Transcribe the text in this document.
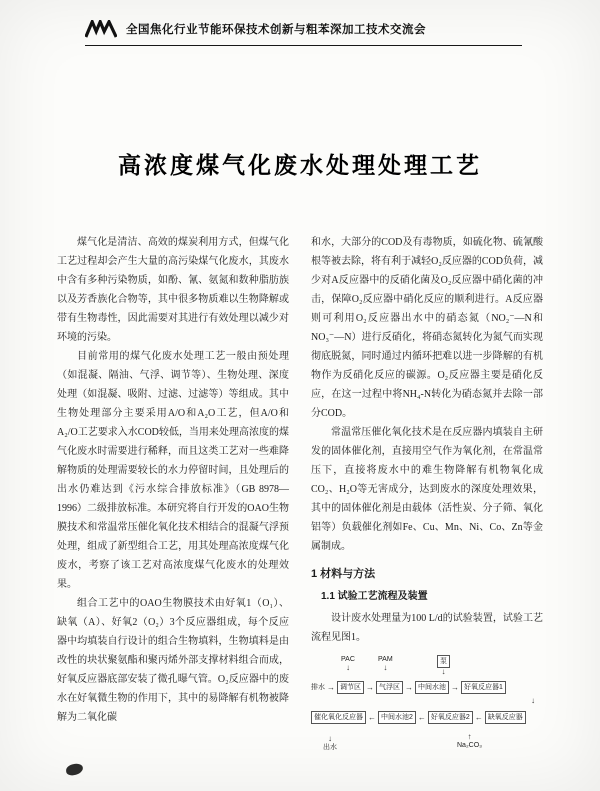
全国焦化行业节能环保技术创新与粗苯深加工技术交流会
高浓度煤气化废水处理处理工艺

煤气化是清洁、高效的煤炭利用方式，但煤气化工艺过程却会产生大量的高污染煤气化废水，其废水中含有多种污染物质，如酚、氰、氨氮和数种脂肪族以及芳香族化合物等，其中很多物质难以生物降解或带有生物毒性，因此需要对其进行有效处理以减少对环境的污染。

目前常用的煤气化废水处理工艺一般由预处理（如混凝、隔油、气浮、调节等）、生物处理、深度处理（如混凝、吸附、过滤、过滤等）等组成。其中生物处理部分主要采用A/O和A₂O工艺，但A/O和A₂/O工艺要求入水COD较低，当用来处理高浓度的煤气化废水时需要进行稀释，而且这类工艺对一些难降解物质的处理需要较长的水力停留时间，且处理后的出水仍难达到《污水综合排放标准》（GB 8978—1996）二级排放标准。本研究将自行开发的OAO生物膜技术和常温常压催化氧化技术相结合的混凝气浮预处理，组成了新型组合工艺，用其处理高浓度煤气化废水，考察了该工艺对高浓度煤气化废水的处理效果。

组合工艺中的OAO生物膜技术由好氧1（O₁）、缺氧（A）、好氧2（O₂）3个反应器组成，每个反应器中均填装自行设计的组合生物填料，生物填料是由改性的块状聚氨酯和聚丙烯外部支撑材料组合而成，好氧反应器底部安装了微孔曝气管。O₂反应器中的废水在好氧微生物的作用下，其中的易降解有机物被降解为二氧化碳

和水，大部分的COD及有毒物质，如硫化物、硫氰酸根等被去除，将有利于减轻O₂反应器的COD负荷，减少对A反应器中的反硝化菌及O₂反应器中硝化菌的冲击，保障O₂反应器中硝化反应的顺利进行。A反应器则可利用O₂反应器出水中的硝态氮（NO₂⁻—N和NO₃⁻—N）进行反硝化，将硝态氮转化为氮气而实现彻底脱氮，同时通过内循环把难以进一步降解的有机物作为反硝化反应的碳源。O₂反应器主要是硝化反应，在这一过程中将NH₄-N转化为硝态氮并去除一部分COD。

常温常压催化氧化技术是在反应器内填装自主研发的固体催化剂，直接用空气作为氧化剂，在常温常压下，直接将废水中的难生物降解有机物氧化成CO₂、H₂O等无害成分，达到废水的深度处理效果，其中的固体催化剂是由载体（活性炭、分子筛、氧化铝等）负载催化剂如Fe、Cu、Mn、Ni、Co、Zn等金属制成。

1 材料与方法
1.1 试验工艺流程及装置

设计废水处理量为100 L/d的试验装置，试验工艺流程见图1。

PAC
↓
PAM
↓
泵
↓
排水 → 调节区 → 气浮区 → 中间水池 → 好氧反应器1
↓
催化氧化反应器 ← 中间水池2 ← 好氧反应器2 ← 缺氧反应器
↓
出水
↑
Na₂CO₃
